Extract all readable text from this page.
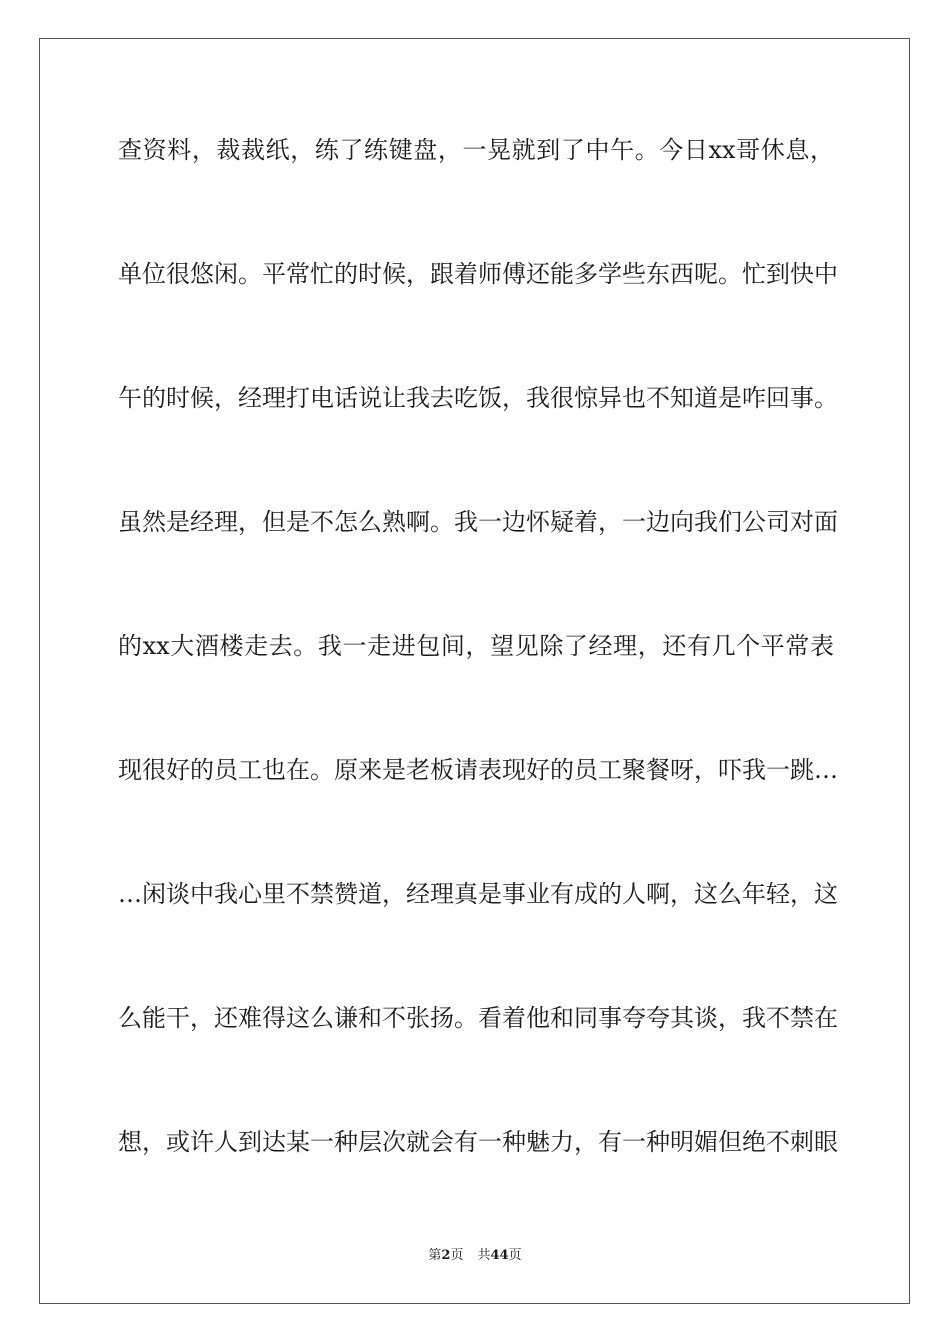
查资料，裁裁纸，练了练键盘，一晃就到了中午。今日xx哥休息，
单位很悠闲。平常忙的时候，跟着师傅还能多学些东西呢。忙到快中
午的时候，经理打电话说让我去吃饭，我很惊异也不知道是咋回事。
虽然是经理，但是不怎么熟啊。我一边怀疑着，一边向我们公司对面
的xx大酒楼走去。我一走进包间，望见除了经理，还有几个平常表
现很好的员工也在。原来是老板请表现好的员工聚餐呀，吓我一跳…
…闲谈中我心里不禁赞道，经理真是事业有成的人啊，这么年轻，这
么能干，还难得这么谦和不张扬。看着他和同事夸夸其谈，我不禁在
想，或许人到达某一种层次就会有一种魅力，有一种明媚但绝不刺眼
第2页 共44页
